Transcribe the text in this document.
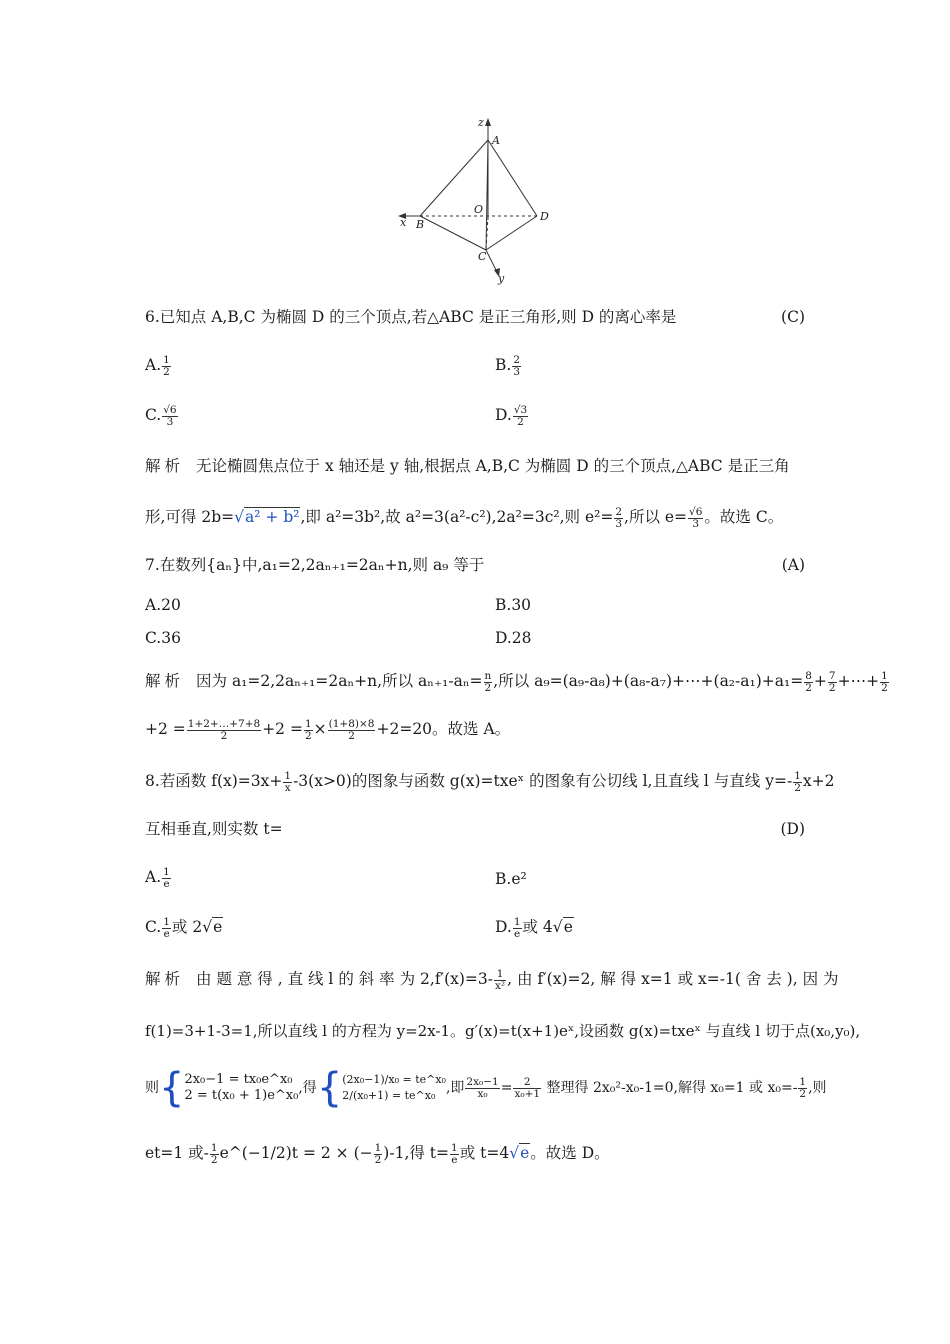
z
A
O
D
x B
C
y
6.已知点 A,B,C 为椭圆 D 的三个顶点,若△ABC 是正三角形,则 D 的离心率是	(C)
A. $\frac{1}{2}$	B. $\frac{2}{3}$
C. $\frac{√6}{3}$	D. $\frac{√3}{2}$
解析 无论椭圆焦点位于 x 轴还是 y 轴,根据点 A,B,C 为椭圆 D 的三个顶点,△ABC 是正三角
形,可得 2b=√a² + b²,即 a²=3b²,故 a²=3(a²-c²),2a²=3c²,则 $e^2= \frac{2}{3}$ ,所以 $e= \frac{√6}{3}$ 。故选 C。
7.在数列{aₙ}中,a₁=2,2aₙ₊₁=2aₙ+n,则 a₉ 等于	(A)
A.20	B.30
C.36	D.28
解析 因为 a₁=2,2aₙ₊₁=2aₙ+n,所以 $a_{n+1}-a_n= \frac{n}{2}$ ,所以 a₉=(a₉-a₈)+(a₈-a₇)+⋯+(a₂-a₁)+a₁= $\frac{8}{2} + \frac{7}{2}$ +⋯+ $\frac{1}{2}$
$+2 = \frac{1+2+\dots+7+8}{2} +2 = \frac{1}{2} \times \frac{(1+8)\times 8}{2} +2=20$。故选 A。
8.若函数 $f(x)=3x+ \frac{1}{x} -3(x>0)$的图象与函数 g(x)=txeˣ 的图象有公切线 l,且直线 l 与直线 $y=- \frac{1}{2} x+2$
互相垂直,则实数 t=	(D)
A. $\frac{1}{e}$	B.e²
C. $\frac{1}{e}$ 或 2√e	D. $\frac{1}{e}$ 或 4√e
解析 由 题 意 得 , 直 线 l 的 斜 率 为 $2,f'(x)=3- \frac{1}{\text{x²}}$ , 由 f′(x)=2, 解 得 x=1 或 x=-1( 舍 去 ), 因 为
f(1)=3+1-3=1,所以直线 l 的方程为 y=2x-1。g′(x)=t(x+1)eˣ,设函数 g(x)=txeˣ 与直线 l 切于点(x₀,y₀),
则{ 2x₀−1 = tx₀e^x₀
2 = t(x₀ + 1)e^x₀ ,得{ (2x₀−1)/x₀ = te^x₀
2/(x₀+1) = te^x₀ ,即 $\frac{\text{2x₀−1}}{\text{x₀}} = \frac{2}{\text{x₀+1}}$ 整理得 2x₀²-x₀-1=0,解得 x₀=1 或 $x_0=- \frac{1}{2}$ ,则
et=1 或- $\frac{1}{2}$ e^(−1/2)t = 2 × (− $\frac{1}{2} )-1$,得 $t= \frac{1}{e}$ 或 t=4√e。故选 D。
